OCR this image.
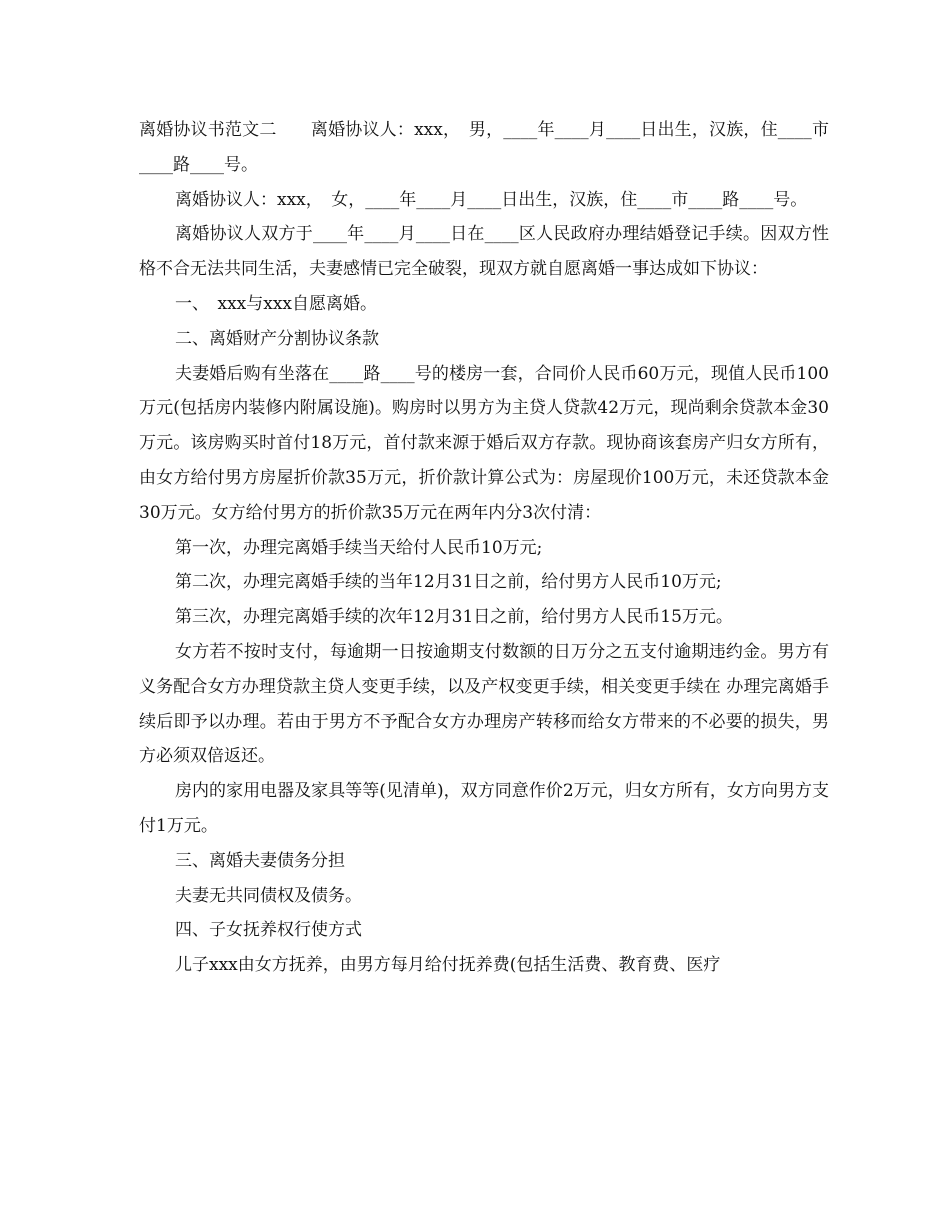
离婚协议书范文二　　离婚协议人：xxx，　男，____年____月____日出生，汉族，住____市____路____号。

离婚协议人：xxx，　女，____年____月____日出生，汉族，住____市____路____号。

离婚协议人双方于____年____月____日在____区人民政府办理结婚登记手续。因双方性格不合无法共同生活，夫妻感情已完全破裂，现双方就自愿离婚一事达成如下协议：

一、　xxx与xxx自愿离婚。

二、离婚财产分割协议条款

夫妻婚后购有坐落在____路____号的楼房一套，合同价人民币60万元，现值人民币100 万元(包括房内装修内附属设施)。购房时以男方为主贷人贷款42万元，现尚剩余贷款本金30万元。该房购买时首付18万元，首付款来源于婚后双方存款。现协商该套房产归女方所有，由女方给付男方房屋折价款35万元，折价款计算公式为：房屋现价100万元，未还贷款本金30万元。女方给付男方的折价款35万元在两年内分3次付清：

第一次，办理完离婚手续当天给付人民币10万元;

第二次，办理完离婚手续的当年12月31日之前，给付男方人民币10万元;

第三次，办理完离婚手续的次年12月31日之前，给付男方人民币15万元。

女方若不按时支付，每逾期一日按逾期支付数额的日万分之五支付逾期违约金。男方有义务配合女方办理贷款主贷人变更手续，以及产权变更手续，相关变更手续在 办理完离婚手续后即予以办理。若由于男方不予配合女方办理房产转移而给女方带来的不必要的损失，男方必须双倍返还。

房内的家用电器及家具等等(见清单)，双方同意作价2万元，归女方所有，女方向男方支付1万元。

三、离婚夫妻债务分担

夫妻无共同债权及债务。

四、子女抚养权行使方式

儿子xxx由女方抚养，由男方每月给付抚养费(包括生活费、教育费、医疗
